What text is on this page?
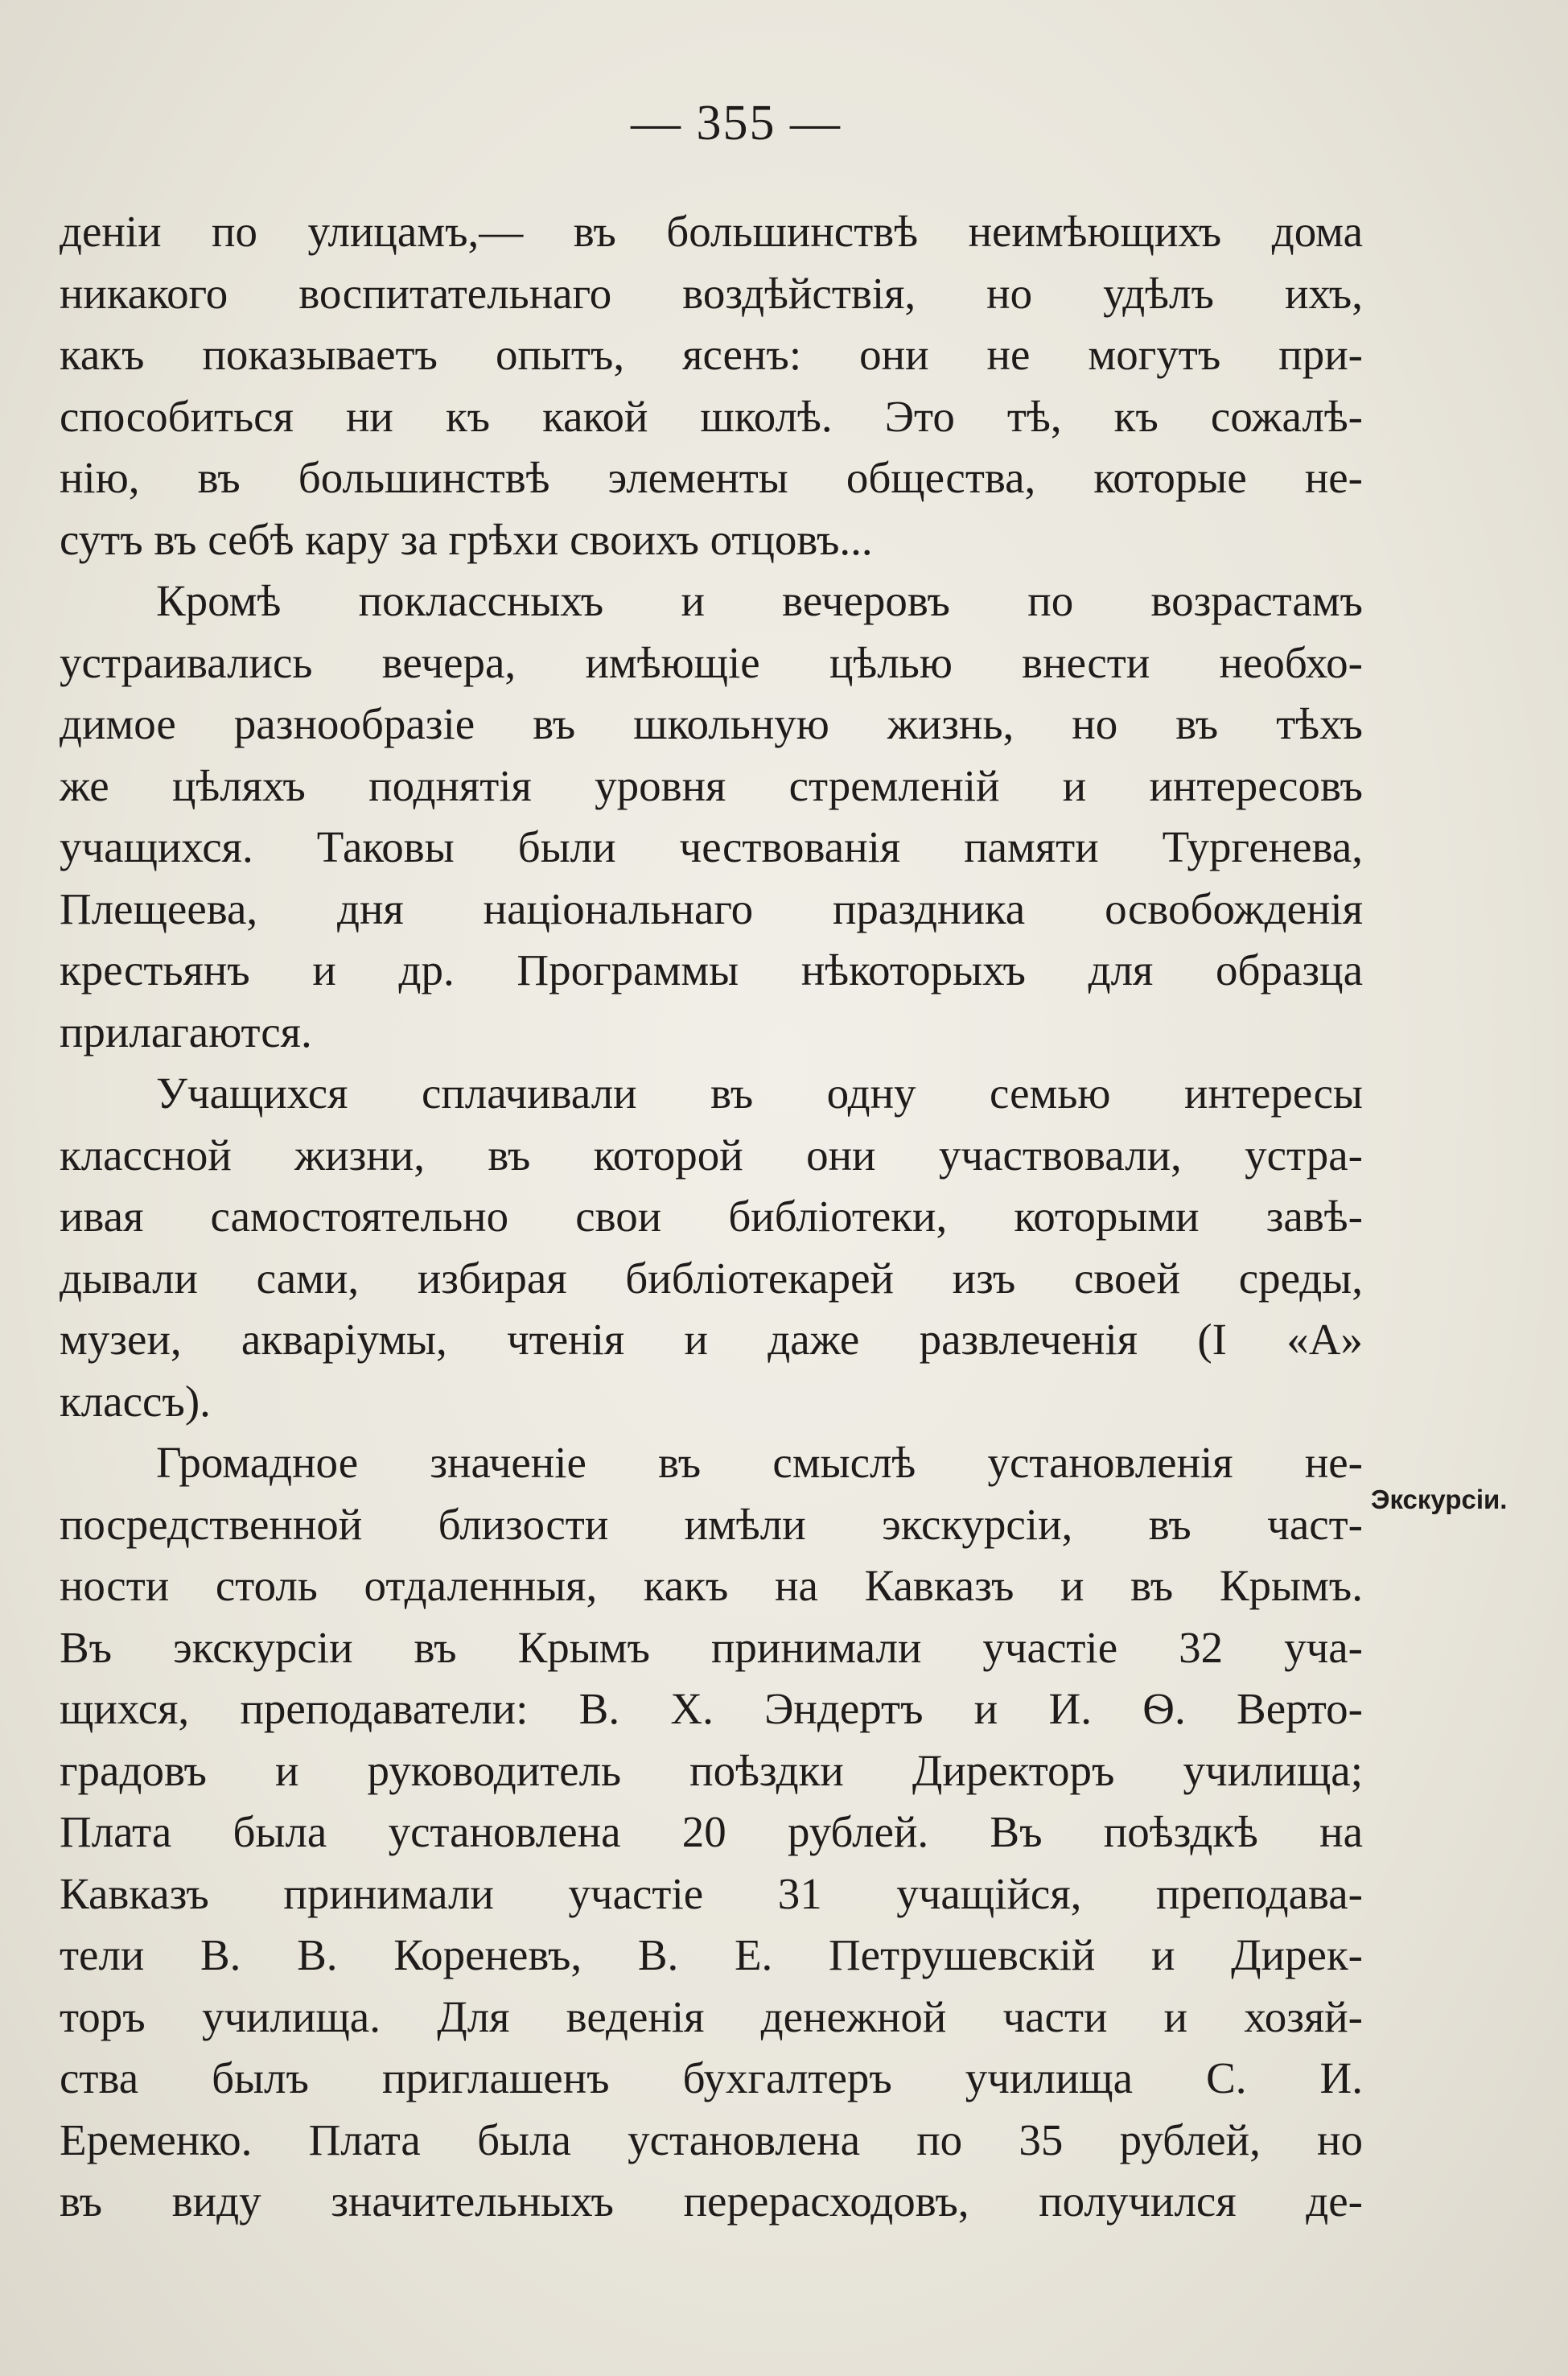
— 355 —
деніи по улицамъ,— въ большинствѣ неимѣющихъ дома
никакого воспитательнаго воздѣйствія, но удѣлъ ихъ,
какъ показываетъ опытъ, ясенъ: они не могутъ при-
способиться ни къ какой школѣ. Это тѣ, къ сожалѣ-
нію, въ большинствѣ элементы общества, которые не-
сутъ въ себѣ кару за грѣхи своихъ отцовъ...
Кромѣ поклассныхъ и вечеровъ по возрастамъ
устраивались вечера, имѣющіе цѣлью внести необхо-
димое разнообразіе въ школьную жизнь, но въ тѣхъ
же цѣляхъ поднятія уровня стремленій и интересовъ
учащихся. Таковы были чествованія памяти Тургенева,
Плещеева, дня національнаго праздника освобожденія
крестьянъ и др. Программы нѣкоторыхъ для образца
прилагаются.
Учащихся сплачивали въ одну семью интересы
классной жизни, въ которой они участвовали, устра-
ивая самостоятельно свои библіотеки, которыми завѣ-
дывали сами, избирая библіотекарей изъ своей среды,
музеи, акваріумы, чтенія и даже развлеченія (I «А»
классъ).
Громадное значеніе въ смыслѣ установленія не-
посредственной близости имѣли экскурсіи, въ част-
ности столь отдаленныя, какъ на Кавказъ и въ Крымъ.
Въ экскурсіи въ Крымъ принимали участіе 32 уча-
щихся, преподаватели: В. Х. Эндертъ и И. Ѳ. Верто-
градовъ и руководитель поѣздки Директоръ училища;
Плата была установлена 20 рублей. Въ поѣздкѣ на
Кавказъ принимали участіе 31 учащійся, преподава-
тели В. В. Кореневъ, В. Е. Петрушевскій и Дирек-
торъ училища. Для веденія денежной части и хозяй-
ства былъ приглашенъ бухгалтеръ училища С. И.
Еременко. Плата была установлена по 35 рублей, но
въ виду значительныхъ перерасходовъ, получился де-
Экскурсіи.
